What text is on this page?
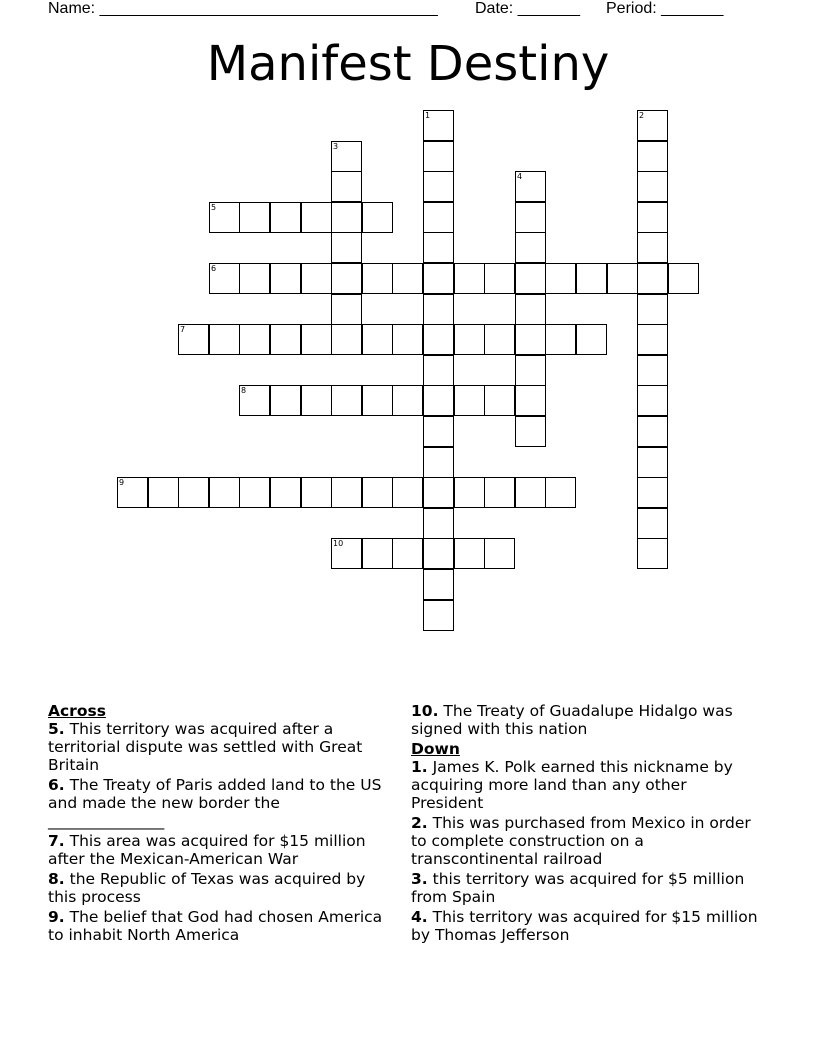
Name: ______________________________________ Date: _______ Period: _______
Manifest Destiny
1	2
3
4
5
6
7
8
9
10
Across

5. This territory was acquired after a territorial dispute was settled with Great Britain

6. The Treaty of Paris added land to the US and made the new border the _______________

7. This area was acquired for $15 million after the Mexican-American War

8. the Republic of Texas was acquired by this process

9. The belief that God had chosen America to inhabit North America

10. The Treaty of Guadalupe Hidalgo was signed with this nation

Down

1. James K. Polk earned this nickname by acquiring more land than any other President

2. This was purchased from Mexico in order to complete construction on a transcontinental railroad

3. this territory was acquired for $5 million from Spain

4. This territory was acquired for $15 million by Thomas Jefferson
